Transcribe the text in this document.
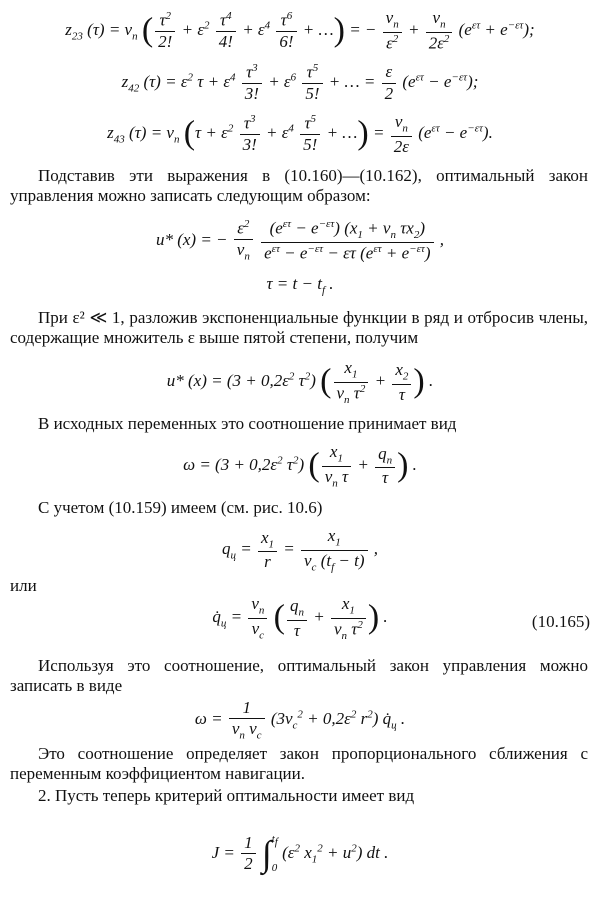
$z_{23}$ $(\tau) = v_п$ ( $\frac{\tau^2}{2!} + \varepsilon^2 \frac{\tau^4}{4!} + \varepsilon^4 \frac{\tau^6}{6!}$ + …) = − $\frac{v_п}{\varepsilon^2} + \frac{v_п}{2\varepsilon^2} (e^{\varepsilon\tau} + e^{-\varepsilon\tau})$;
$z_{42}$ $(\tau) = \varepsilon^2$ $\tau + \varepsilon^4 \frac{\tau^3}{3!} + \varepsilon^6 \frac{\tau^5}{5!}$ + … = $\frac{\varepsilon}{2} (e^{\varepsilon\tau} - e^{-\varepsilon\tau})$;
$z_{43}$ $(\tau) = v_п$ ($\tau + \varepsilon^2 \frac{\tau^3}{3!} + \varepsilon^4 \frac{\tau^5}{5!}$ + …) = $\frac{v_п}{2\varepsilon} (e^{\varepsilon\tau} - e^{-\varepsilon\tau})$.
Подставив эти выражения в (10.160)—(10.162), оптимальный закон управления можно записать следующим образом:
u* (x) = − $\frac{\varepsilon^2}{v_п}$
$\frac{(e^{\varepsilon\tau} - e^{-\varepsilon\tau}) (x_1 + v_п \tau x_2)}{e^{\varepsilon\tau} - e^{-\varepsilon\tau} - \varepsilon\tau (e^{\varepsilon\tau} + e^{-\varepsilon\tau})}$ ,
$\tau = t - t_f$ .
При ε² ≪ 1, разложив экспоненциальные функции в ряд и отбросив члены, содержащие множитель ε выше пятой степени, получим
u* $(x) = (3 + 0,2\varepsilon^2$ $\tau^2$) ( $\frac{x_1}{v_п \tau^2} + \frac{x_2}{\tau}$ ) .
В исходных переменных это соотношение принимает вид
$\omega = (3 + 0,2\varepsilon^2$ $\tau^2$) ( $\frac{x_1}{v_п \tau} + \frac{q_п}{\tau}$ ) .
С учетом (10.159) имеем (см. рис. 10.6)
$q_ц = \frac{x_1}{r} = \frac{x_1}{v_c (t_f - t)}$ ,
или
$q̇_ц = \frac{v_п}{v_c}$ ( $\frac{q_п}{\tau} + \frac{x_1}{v_п \tau^2}$ ) .	(10.165)
Используя это соотношение, оптимальный закон управления можно записать в виде
$\omega = \frac{1}{v_п v_c} (3v_c^2 + 0,2\varepsilon^2$ $r^2$) $q̇_ц$ .
Это соотношение определяет закон пропорционального сближения с переменным коэффициентом навигации.
2. Пусть теперь критерий оптимальности имеет вид
$J = \frac{1}{2}$ ∫ $t_f$
0
($\varepsilon^2$ $x_1^2 + u^2$) dt .
